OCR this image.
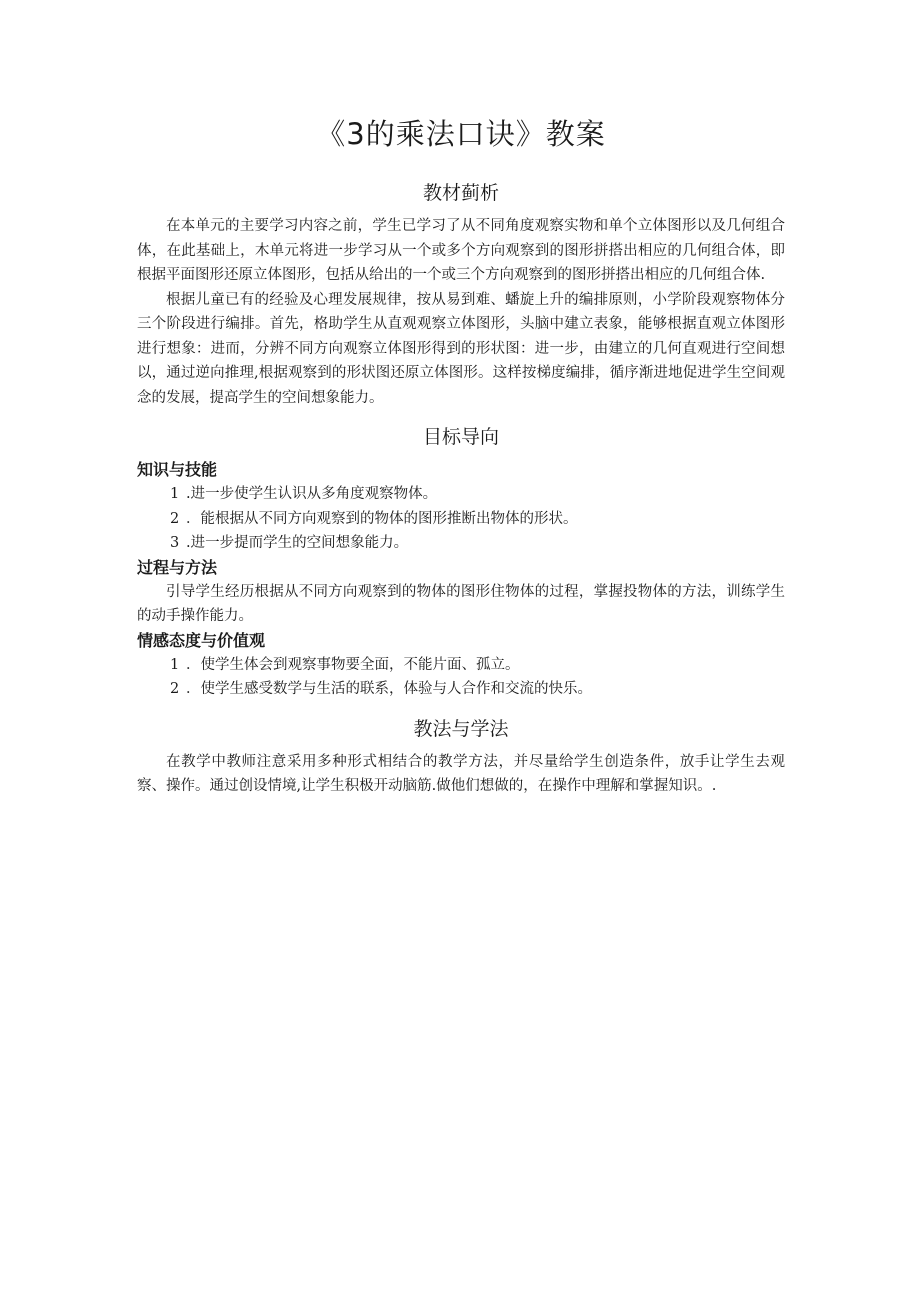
《3的乘法口诀》教案
教材蓟析

在本单元的主要学习内容之前，学生已学习了从不同角度观察实物和单个立体图形以及几何组合体，在此基础上，木单元将进一步学习从一个或多个方向观察到的图形拼搭出相应的几何组合体，即根据平面图形还原立体图形，包括从给出的一个或三个方向观察到的图形拼搭出相应的几何组合体.

根据儿童已有的经验及心理发展规律，按从易到难、蟠旋上升的编排原则，小学阶段观察物体分三个阶段进行编排。首先，格助学生从直观观察立体图形，头脑中建立表象，能够根据直观立体图形进行想象：进而，分辨不同方向观察立体图形得到的形状图：进一步，由建立的几何直观进行空间想以，通过逆向推理,根据观察到的形状图还原立体图形。这样按梯度编排，循序渐进地促进学生空间观念的发展，提高学生的空间想象能力。

目标导向
知识与技能

1 .进一步使学生认识从多角度观察物体。

2 ．能根据从不同方向观察到的物体的图形推断出物体的形状。

3 .进一步提而学生的空间想象能力。

过程与方法

引导学生经历根据从不同方向观察到的物体的图形住物体的过程，掌握投物体的方法，训练学生的动手操作能力。

情感态度与价值观

1 ．使学生体会到观察事物要全面，不能片面、孤立。

2 ．使学生感受数学与生活的联系，体验与人合作和交流的快乐。

教法与学法

在教学中教师注意采用多种形式相结合的教学方法，并尽量给学生创造条件，放手让学生去观察、操作。通过创设情境,让学生积极开动脑筋.做他们想做的，在操作中理解和掌握知识。.
